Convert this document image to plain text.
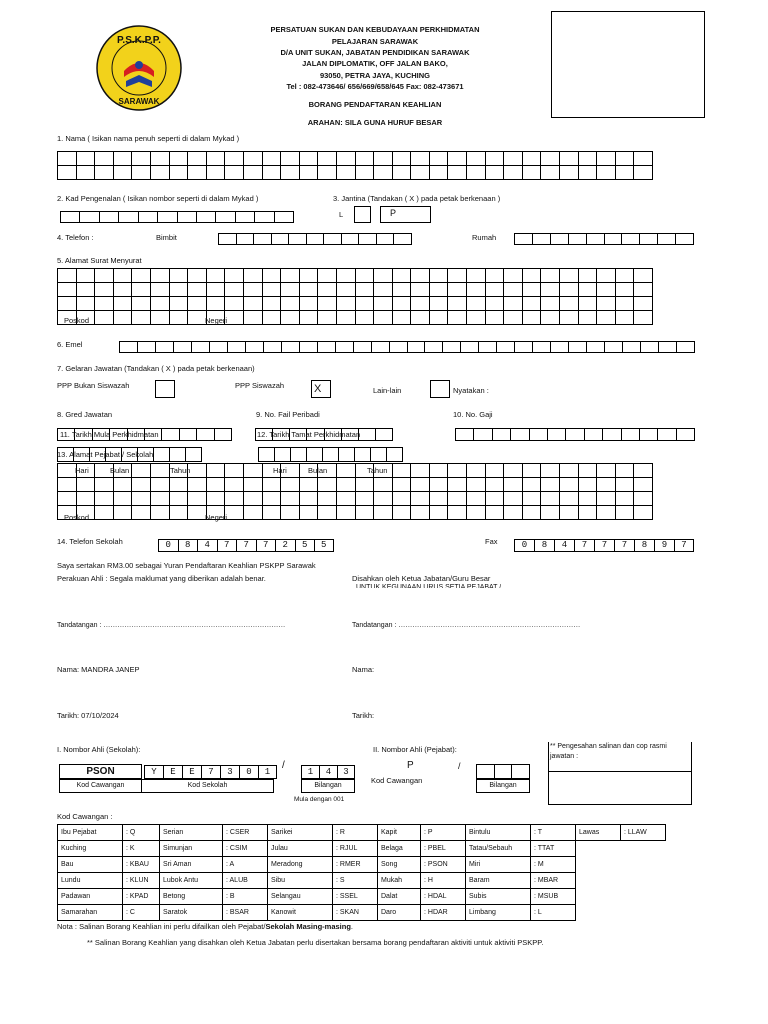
P.S.K.P.P.
SARAWAK
PERSATUAN SUKAN DAN KEBUDAYAAN PERKHIDMATAN
PELAJARAN SARAWAK
D/A UNIT SUKAN, JABATAN PENDIDIKAN SARAWAK
JALAN DIPLOMATIK, OFF JALAN BAKO,
93050, PETRA JAYA, KUCHING
Tel : 082-473646/ 656/669/658/645 Fax: 082-473671
BORANG PENDAFTARAN KEAHLIAN
ARAHAN: SILA GUNA HURUF BESAR
1. Nama ( Isikan nama penuh seperti di dalam Mykad )

2. Kad Pengenalan ( Isikan nombor seperti di dalam Mykad )	3. Jantina (Tandakan ( X ) pada petak berkenaan )
L	P
4. Telefon :	Bimbit	Rumah
5. Alamat Surat Menyurat

Poskod	Negeri
6. Emel
7. Gelaran Jawatan (Tandakan ( X ) pada petak berkenaan)
PPP Bukan Siswazah	PPP Siswazah	X	Lain-lain	Nyatakan :
8. Gred Jawatan	9. No. Fail Peribadi	10. No. Gaji
11. Tarikh Mula Perkhidmatan	12. Tarikh Tamat Perkhidmatan
13. Alamat Pejabat / Sekolah

Hari	Bulan	Tahun	Hari	Bulan	Tahun
Poskod	Negeri
14. Telefon Sekolah	0	8	4	7	7	7	2	5	5	Fax	0	8	4	7	7	7	8	9	7
Saya sertakan RM3.00 sebagai Yuran Pendaftaran Keahlian PSKPP Sarawak
Perakuan Ahli : Segala maklumat yang diberikan adalah benar.	Disahkan oleh Ketua Jabatan/Guru Besar
UNTUK KEGUNAAN URUS SETIA PEJABAT /
Tandatangan : ……………………………………………………………………	Tandatangan : ……………………………………………………………………
Nama: MANDRA JANEP	Nama:
Tarikh: 07/10/2024	Tarikh:
I. Nombor Ahli (Sekolah):	II. Nombor Ahli (Pejabat):	** Pengesahan salinan dan cop rasmi jawatan :
PSON	Y	E	E	7	3	0	1
/
1	4	3
Kod Cawangan	Kod Sekolah	Bilangan
Mula dengan 001
P
Kod Cawangan
/
Bilangan
Kod Cawangan :
Ibu Pejabat	: Q	Serian	: CSER	Sarikei	: R	Kapit	: P	Bintulu	: T	Lawas	: LLAW
Kuching	: K	Simunjan	: CSIM	Julau	: RJUL	Belaga	: PBEL	Tatau/Sebauh	: TTAT		
Bau	: KBAU	Sri Aman	: A	Meradong	: RMER	Song	: PSON	Miri	: M		
Lundu	: KLUN	Lubok Antu	: ALUB	Sibu	: S	Mukah	: H	Baram	: MBAR		
Padawan	: KPAD	Betong	: B	Selangau	: SSEL	Dalat	: HDAL	Subis	: MSUB		
Samarahan	: C	Saratok	: BSAR	Kanowit	: SKAN	Daro	: HDAR	Limbang	: L		
Nota : Salinan Borang Keahlian ini perlu difailkan oleh Pejabat/Sekolah Masing-masing.
** Salinan Borang Keahlian yang disahkan oleh Ketua Jabatan perlu disertakan bersama borang pendaftaran aktiviti untuk aktiviti PSKPP.
